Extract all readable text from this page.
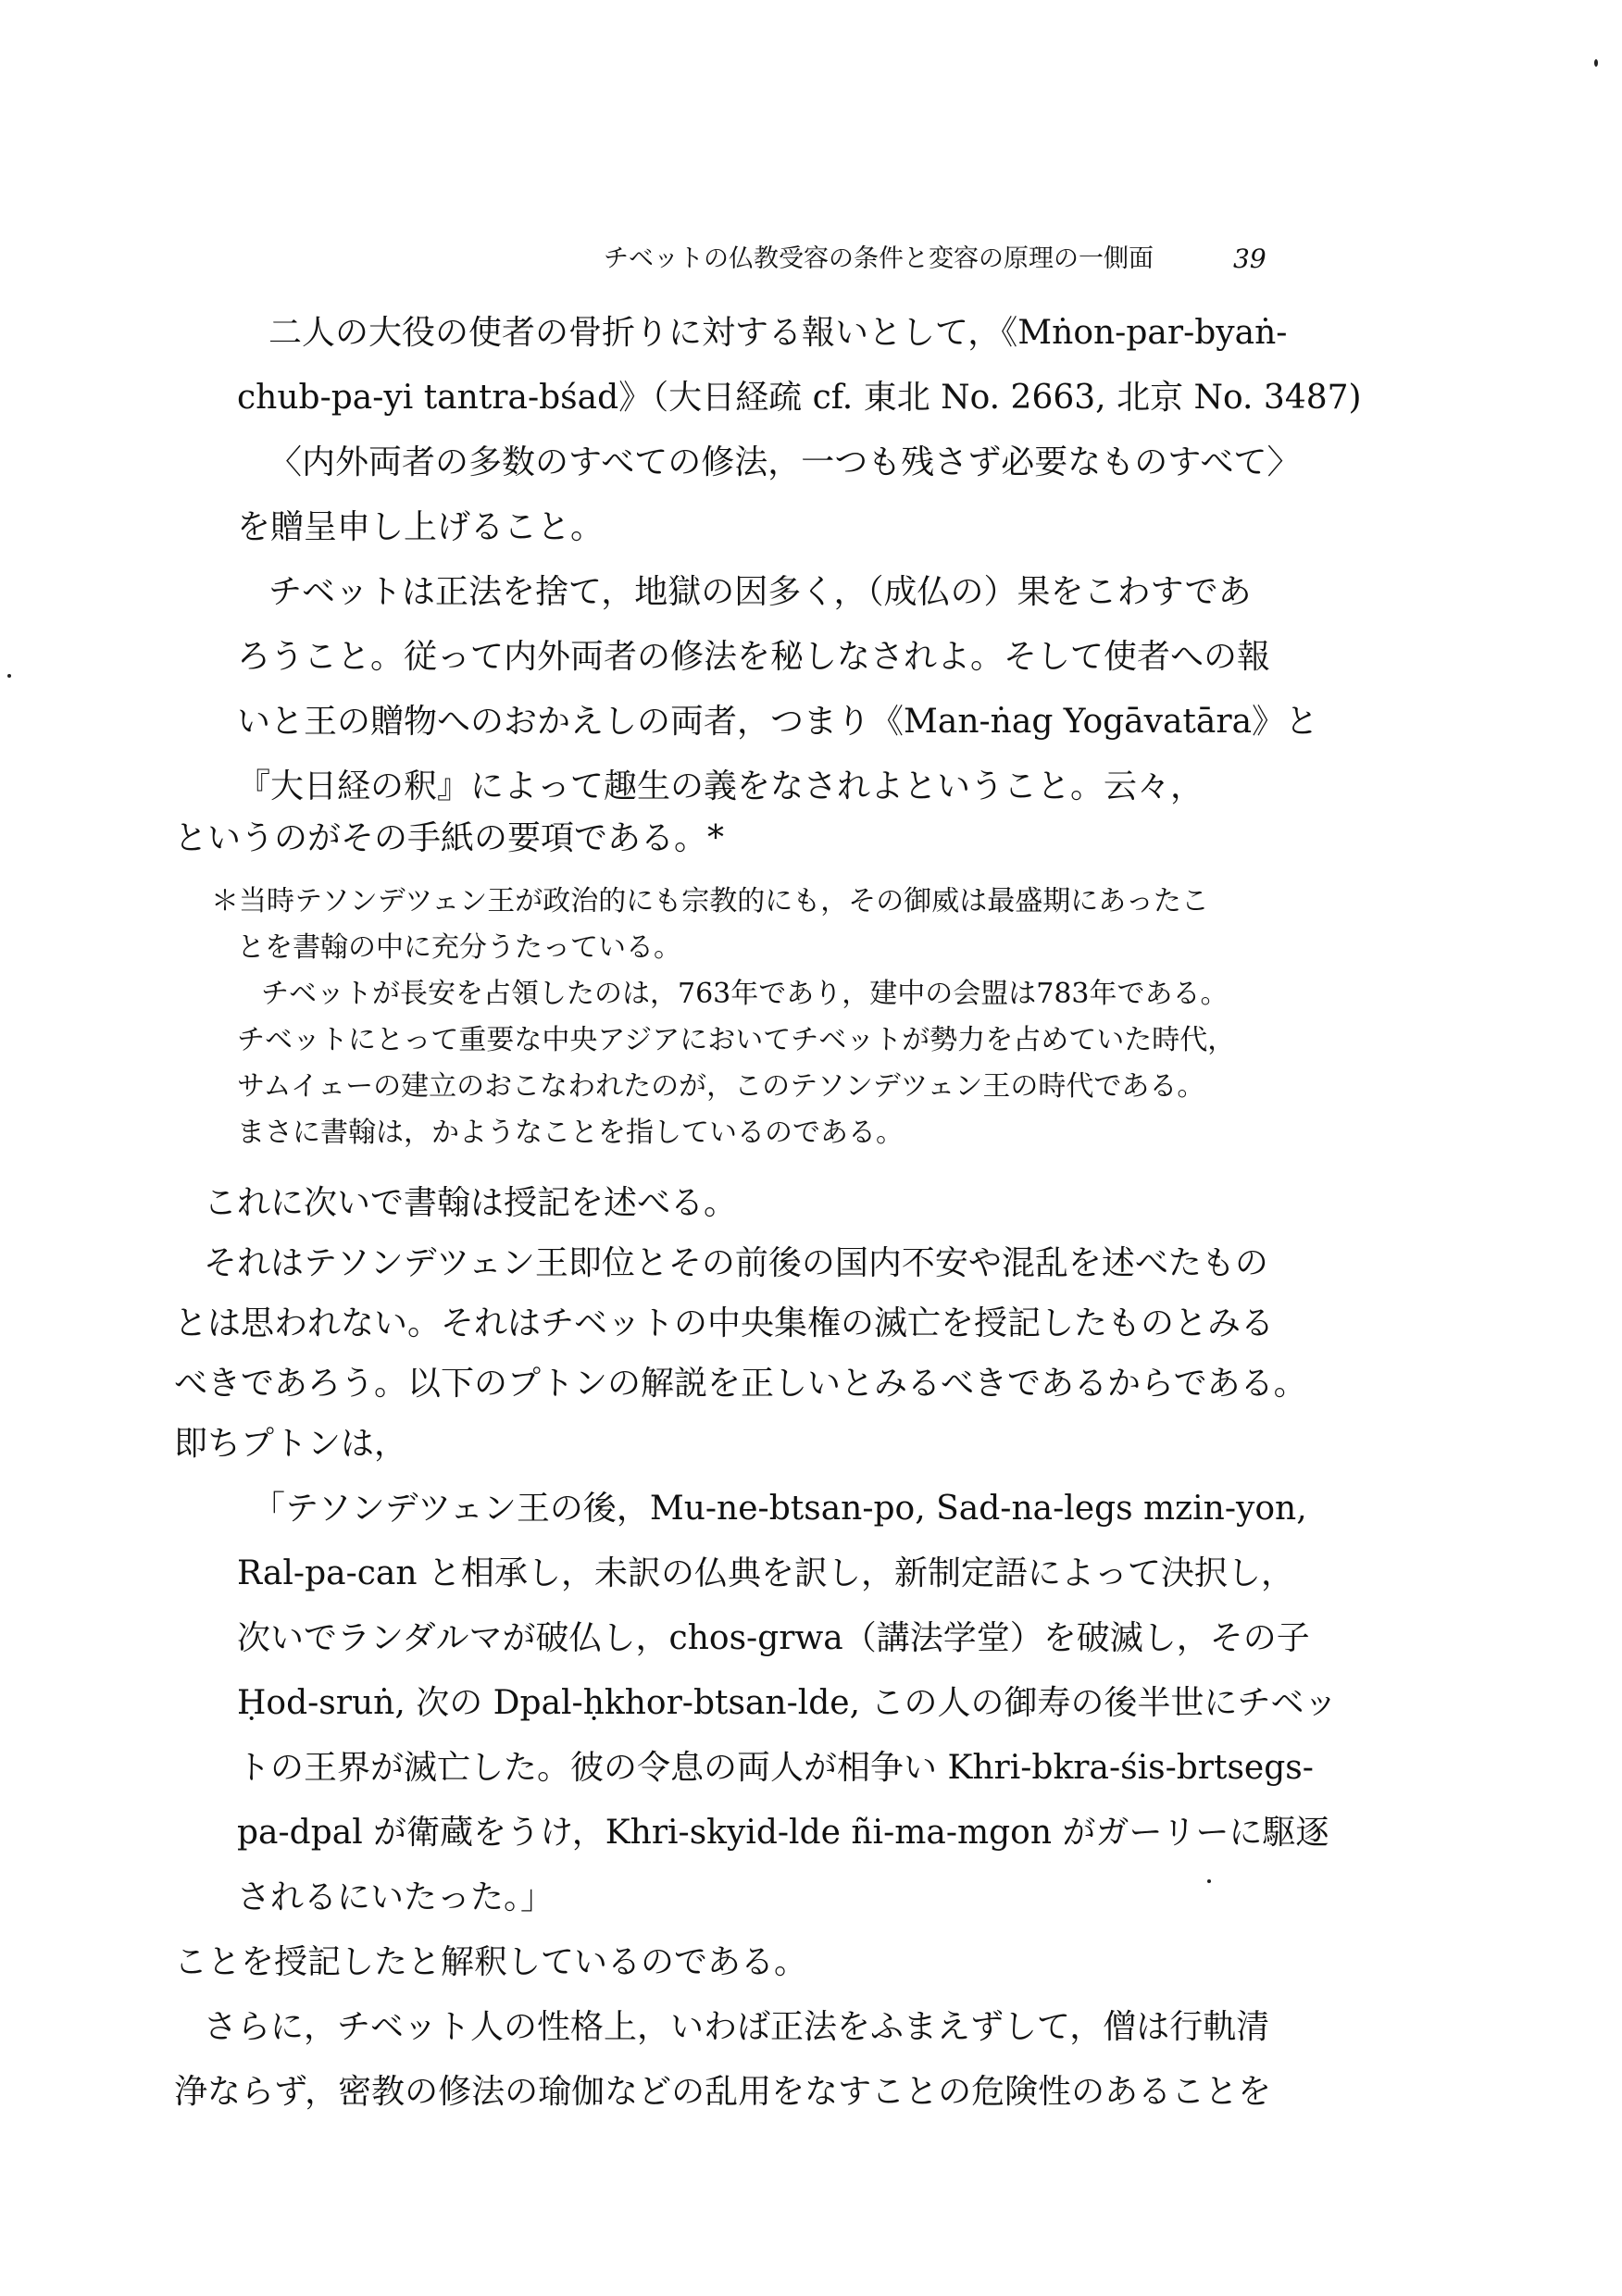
チベットの仏教受容の条件と変容の原理の一側面	39
二人の大役の使者の骨折りに対する報いとして，《Mṅon-par-byaṅ-
chub-pa-yi tantra-bśad》（大日経疏 cf. 東北 No. 2663, 北京 No. 3487)
〈内外両者の多数のすべての修法，一つも残さず必要なものすべて〉
を贈呈申し上げること。
チベットは正法を捨て，地獄の因多く，（成仏の）果をこわすであ
ろうこと。従って内外両者の修法を秘しなされよ。そして使者への報
いと王の贈物へのおかえしの両者，つまり《Man-ṅag Yogāvatāra》と
『大日経の釈』によって趣生の義をなされよということ。云々，
というのがその手紙の要項である。*
＊当時テソンデツェン王が政治的にも宗教的にも，その御威は最盛期にあったこ
とを書翰の中に充分うたっている。
チベットが長安を占領したのは，763年であり，建中の会盟は783年である。
チベットにとって重要な中央アジアにおいてチベットが勢力を占めていた時代，
サムイェーの建立のおこなわれたのが，このテソンデツェン王の時代である。
まさに書翰は，かようなことを指しているのである。
これに次いで書翰は授記を述べる。
それはテソンデツェン王即位とその前後の国内不安や混乱を述べたもの
とは思われない。それはチベットの中央集権の滅亡を授記したものとみる
べきであろう。以下のプトンの解説を正しいとみるべきであるからである。
即ちプトンは，
「テソンデツェン王の後，Mu-ne-btsan-po, Sad-na-legs mzin-yon,
Ral-pa-can と相承し，未訳の仏典を訳し，新制定語によって決択し，
次いでランダルマが破仏し，chos-grwa（講法学堂）を破滅し，その子
Ḥod-sruṅ, 次の Dpal-ḥkhor-btsan-lde, この人の御寿の後半世にチベッ
トの王界が滅亡した。彼の令息の両人が相争い Khri-bkra-śis-brtsegs-
pa-dpal が衛蔵をうけ，Khri-skyid-lde ñi-ma-mgon がガーリーに駆逐
されるにいたった。」
ことを授記したと解釈しているのである。
さらに，チベット人の性格上，いわば正法をふまえずして，僧は行軌清
浄ならず，密教の修法の瑜伽などの乱用をなすことの危険性のあることを
